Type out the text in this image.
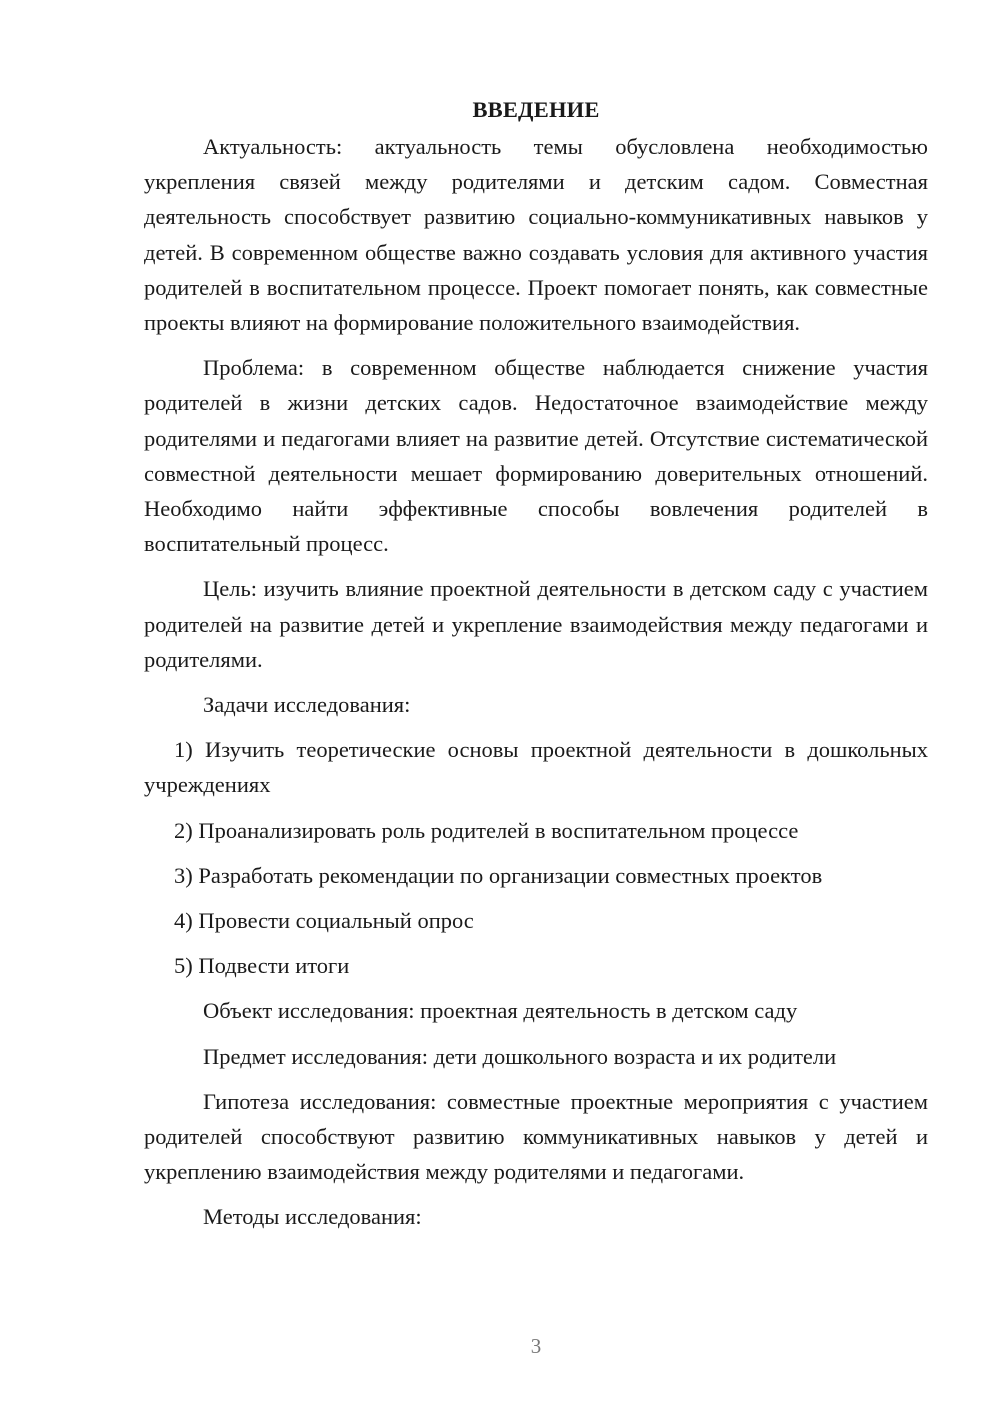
ВВЕДЕНИЕ

Актуальность: актуальность темы обусловлена необходимостью укрепления связей между родителями и детским садом. Совместная деятельность способствует развитию социально-коммуникативных навыков у детей. В современном обществе важно создавать условия для активного участия родителей в воспитательном процессе. Проект помогает понять, как совместные проекты влияют на формирование положительного взаимодействия.

Проблема: в современном обществе наблюдается снижение участия родителей в жизни детских садов. Недостаточное взаимодействие между родителями и педагогами влияет на развитие детей. Отсутствие систематической совместной деятельности мешает формированию доверительных отношений. Необходимо найти эффективные способы вовлечения родителей в воспитательный процесс.

Цель: изучить влияние проектной деятельности в детском саду с участием родителей на развитие детей и укрепление взаимодействия между педагогами и родителями.

Задачи исследования:

1) Изучить теоретические основы проектной деятельности в дошкольных учреждениях

2) Проанализировать роль родителей в воспитательном процессе

3) Разработать рекомендации по организации совместных проектов

4) Провести социальный опрос

5) Подвести итоги

Объект исследования: проектная деятельность в детском саду

Предмет исследования: дети дошкольного возраста и их родители

Гипотеза исследования: совместные проектные мероприятия с участием родителей способствуют развитию коммуникативных навыков у детей и укреплению взаимодействия между родителями и педагогами.

Методы исследования:

3
